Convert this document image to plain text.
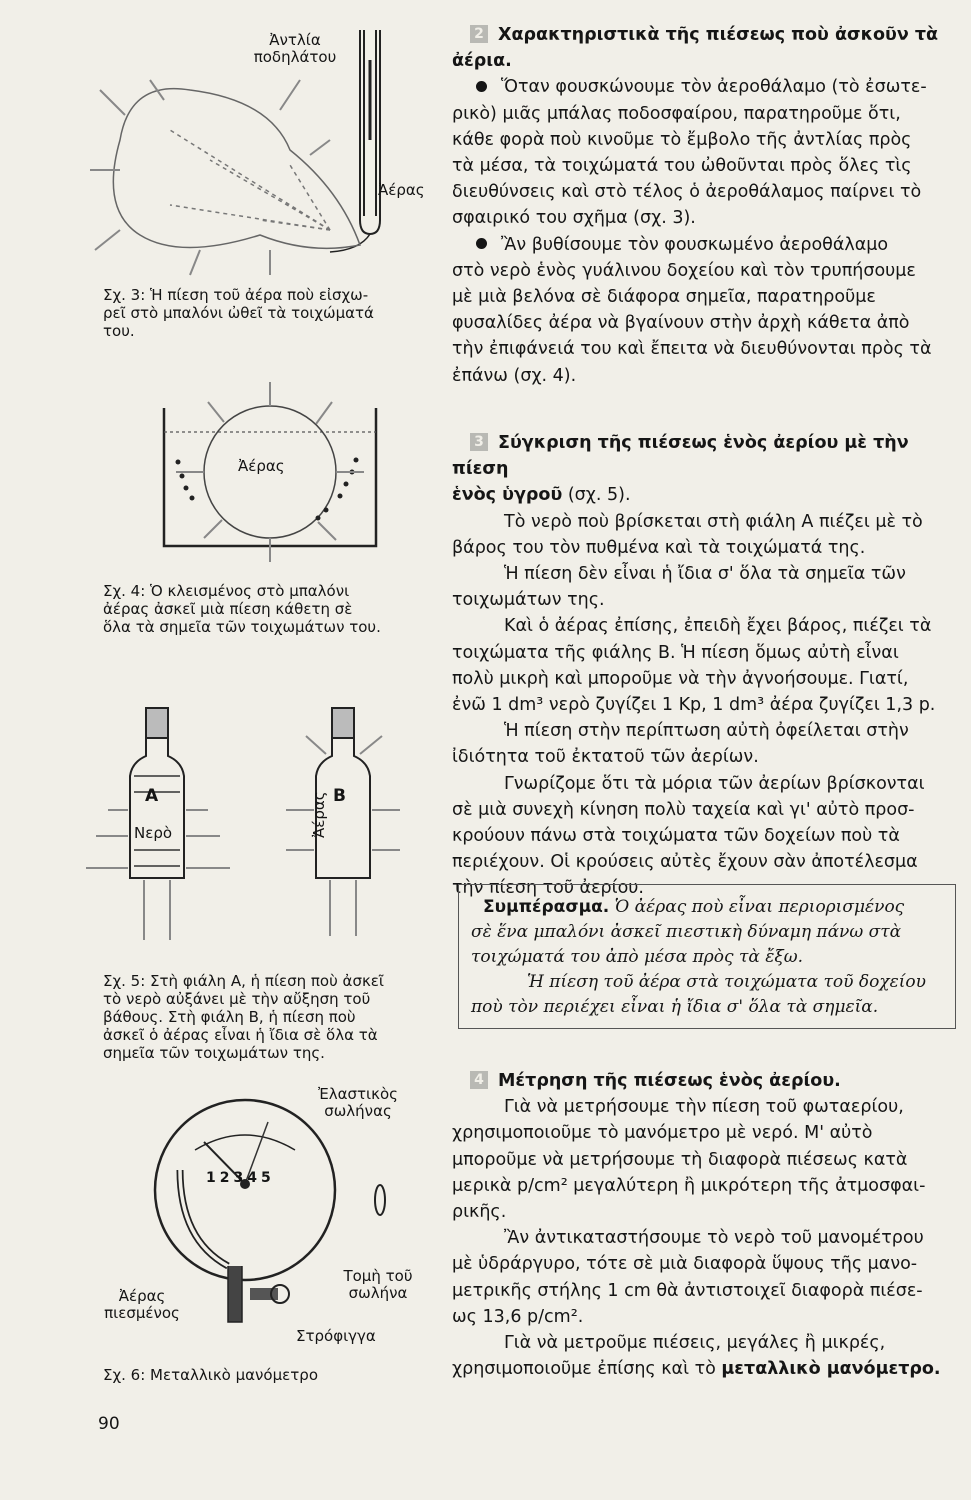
Ἀντλία
ποδηλάτου
Ἀέρας
Σχ. 3: Ἡ πίεση τοῦ ἀέρα ποὺ εἰσχω-
ρεῖ στὸ μπαλόνι ὠθεῖ τὰ τοιχώματά
του.
Ἀέρας
Σχ. 4: Ὁ κλεισμένος στὸ μπαλόνι
ἀέρας ἀσκεῖ μιὰ πίεση κάθετη σὲ
ὅλα τὰ σημεῖα τῶν τοιχωμάτων του.
A
Νερὸ
B
Ἀέρας
Σχ. 5: Στὴ φιάλη Α, ἡ πίεση ποὺ ἀσκεῖ
τὸ νερὸ αὐξάνει μὲ τὴν αὔξηση τοῦ
βάθους. Στὴ φιάλη Β, ἡ πίεση ποὺ
ἀσκεῖ ὁ ἀέρας εἶναι ἡ ἴδια σὲ ὅλα τὰ
σημεῖα τῶν τοιχωμάτων της.
12345
Ἐλαστικὸς
σωλήνας
Τομὴ τοῦ
σωλήνα
Ἀέρας
πιεσμένος
Στρόφιγγα
Σχ. 6: Μεταλλικὸ μανόμετρο
90

2 Χαρακτηριστικὰ τῆς πιέσεως ποὺ ἀσκοῦν τὰ

ἀέρια.

Ὅταν φουσκώνουμε τὸν ἀεροθάλαμο (τὸ ἐσωτε-

ρικὸ) μιᾶς μπάλας ποδοσφαίρου, παρατηροῦμε ὅτι,

κάθε φορὰ ποὺ κινοῦμε τὸ ἔμβολο τῆς ἀντλίας πρὸς

τὰ μέσα, τὰ τοιχώματά του ὠθοῦνται πρὸς ὅλες τὶς

διευθύνσεις καὶ στὸ τέλος ὁ ἀεροθάλαμος παίρνει τὸ

σφαιρικό του σχῆμα (σχ. 3).

Ἂν βυθίσουμε τὸν φουσκωμένο ἀεροθάλαμο

στὸ νερὸ ἑνὸς γυάλινου δοχείου καὶ τὸν τρυπήσουμε

μὲ μιὰ βελόνα σὲ διάφορα σημεῖα, παρατηροῦμε

φυσαλίδες ἀέρα νὰ βγαίνουν στὴν ἀρχὴ κάθετα ἀπὸ

τὴν ἐπιφάνειά του καὶ ἔπειτα νὰ διευθύνονται πρὸς τὰ

ἐπάνω (σχ. 4).

3 Σύγκριση τῆς πιέσεως ἑνὸς ἀερίου μὲ τὴν πίεση

ἑνὸς ὑγροῦ (σχ. 5).

Τὸ νερὸ ποὺ βρίσκεται στὴ φιάλη Α πιέζει μὲ τὸ

βάρος του τὸν πυθμένα καὶ τὰ τοιχώματά της.

Ἡ πίεση δὲν εἶναι ἡ ἴδια σ' ὅλα τὰ σημεῖα τῶν

τοιχωμάτων της.

Καὶ ὁ ἀέρας ἐπίσης, ἐπειδὴ ἔχει βάρος, πιέζει τὰ

τοιχώματα τῆς φιάλης Β. Ἡ πίεση ὅμως αὐτὴ εἶναι

πολὺ μικρὴ καὶ μποροῦμε νὰ τὴν ἀγνοήσουμε. Γιατί,

ἐνῶ 1 dm³ νερὸ ζυγίζει 1 Kp, 1 dm³ ἀέρα ζυγίζει 1,3 p.

Ἡ πίεση στὴν περίπτωση αὐτὴ ὀφείλεται στὴν

ἰδιότητα τοῦ ἐκτατοῦ τῶν ἀερίων.

Γνωρίζομε ὅτι τὰ μόρια τῶν ἀερίων βρίσκονται

σὲ μιὰ συνεχὴ κίνηση πολὺ ταχεία καὶ γι' αὐτὸ προσ-

κρούουν πάνω στὰ τοιχώματα τῶν δοχείων ποὺ τὰ

περιέχουν. Οἱ κρούσεις αὐτὲς ἔχουν σὰν ἀποτέλεσμα

τὴν πίεση τοῦ ἀερίου.

Συμπέρασμα. Ὁ ἀέρας ποὺ εἶναι περιορισμένος
σὲ ἕνα μπαλόνι ἀσκεῖ πιεστικὴ δύναμη πάνω στὰ
τοιχώματά του ἀπὸ μέσα πρὸς τὰ ἔξω.
Ἡ πίεση τοῦ ἀέρα στὰ τοιχώματα τοῦ δοχείου
ποὺ τὸν περιέχει εἶναι ἡ ἴδια σ' ὅλα τὰ σημεῖα.

4 Μέτρηση τῆς πιέσεως ἑνὸς ἀερίου.

Γιὰ νὰ μετρήσουμε τὴν πίεση τοῦ φωταερίου,

χρησιμοποιοῦμε τὸ μανόμετρο μὲ νερό. Μ' αὐτὸ

μποροῦμε νὰ μετρήσουμε τὴ διαφορὰ πιέσεως κατὰ

μερικὰ p/cm² μεγαλύτερη ἢ μικρότερη τῆς ἀτμοσφαι-

ρικῆς.

Ἂν ἀντικαταστήσουμε τὸ νερὸ τοῦ μανομέτρου

μὲ ὑδράργυρο, τότε σὲ μιὰ διαφορὰ ὕψους τῆς μανο-

μετρικῆς στήλης 1 cm θὰ ἀντιστοιχεῖ διαφορὰ πιέσε-

ως 13,6 p/cm².

Γιὰ νὰ μετροῦμε πιέσεις, μεγάλες ἢ μικρές,

χρησιμοποιοῦμε ἐπίσης καὶ τὸ μεταλλικὸ μανόμετρο.
